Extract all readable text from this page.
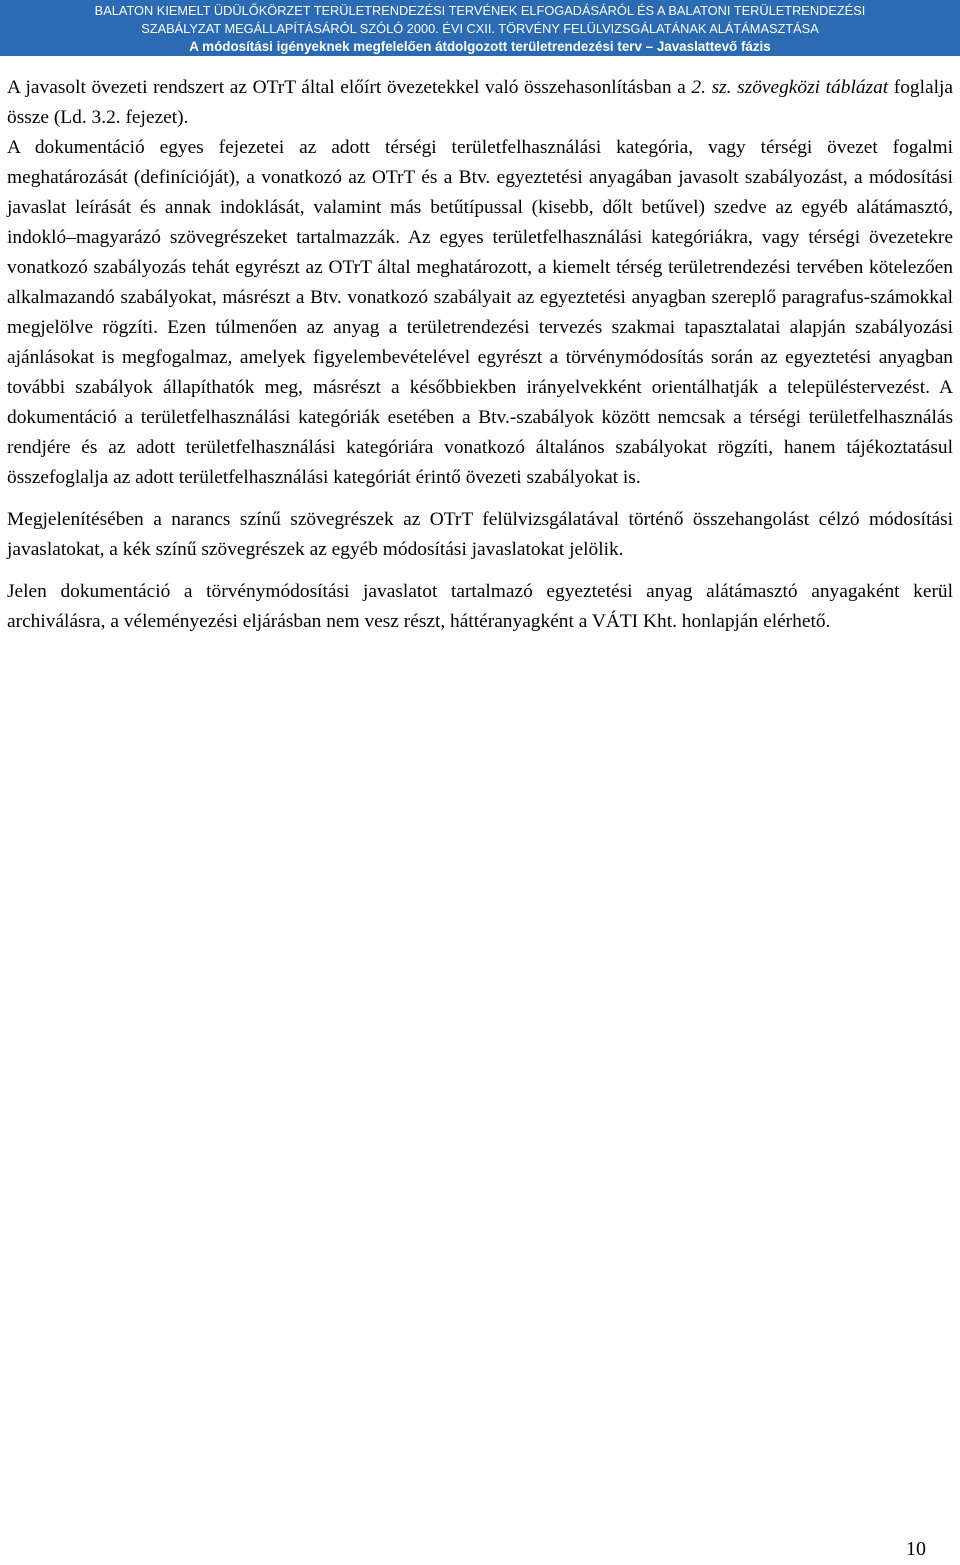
BALATON KIEMELT ÜDÜLŐKÖRZET TERÜLETRENDEZÉSI TERVÉNEK ELFOGADÁSÁRÓL ÉS A BALATONI TERÜLETRENDEZÉSI
SZABÁLYZAT MEGÁLLAPÍTÁSÁRÓL SZÓLÓ 2000. ÉVI CXII. TÖRVÉNY FELÜLVIZSGÁLATÁNAK ALÁTÁMASZTÁSA
A módosítási igényeknek megfelelően átdolgozott területrendezési terv – Javaslattevő fázis

A javasolt övezeti rendszert az OTrT által előírt övezetekkel való összehasonlításban a 2. sz. szövegközi táblázat foglalja össze (Ld. 3.2. fejezet).

A dokumentáció egyes fejezetei az adott térségi területfelhasználási kategória, vagy térségi övezet fogalmi meghatározását (definícióját), a vonatkozó az OTrT és a Btv. egyeztetési anyagában javasolt szabályozást, a módosítási javaslat leírását és annak indoklását, valamint más betűtípussal (kisebb, dőlt betűvel) szedve az egyéb alátámasztó, indokló–magyarázó szövegrészeket tartalmazzák. Az egyes területfelhasználási kategóriákra, vagy térségi övezetekre vonatkozó szabályozás tehát egyrészt az OTrT által meghatározott, a kiemelt térség területrendezési tervében kötelezően alkalmazandó szabályokat, másrészt a Btv. vonatkozó szabályait az egyeztetési anyagban szereplő paragrafus-számokkal megjelölve rögzíti. Ezen túlmenően az anyag a területrendezési tervezés szakmai tapasztalatai alapján szabályozási ajánlásokat is megfogalmaz, amelyek figyelembevételével egyrészt a törvénymódosítás során az egyeztetési anyagban további szabályok állapíthatók meg, másrészt a későbbiekben irányelvekként orientálhatják a településtervezést. A dokumentáció a területfelhasználási kategóriák esetében a Btv.-szabályok között nemcsak a térségi területfelhasználás rendjére és az adott területfelhasználási kategóriára vonatkozó általános szabályokat rögzíti, hanem tájékoztatásul összefoglalja az adott területfelhasználási kategóriát érintő övezeti szabályokat is.

Megjelenítésében a narancs színű szövegrészek az OTrT felülvizsgálatával történő összehangolást célzó módosítási javaslatokat, a kék színű szövegrészek az egyéb módosítási javaslatokat jelölik.

Jelen dokumentáció a törvénymódosítási javaslatot tartalmazó egyeztetési anyag alátámasztó anyagaként kerül archiválásra, a véleményezési eljárásban nem vesz részt, háttéranyagként a VÁTI Kht. honlapján elérhető.

10
